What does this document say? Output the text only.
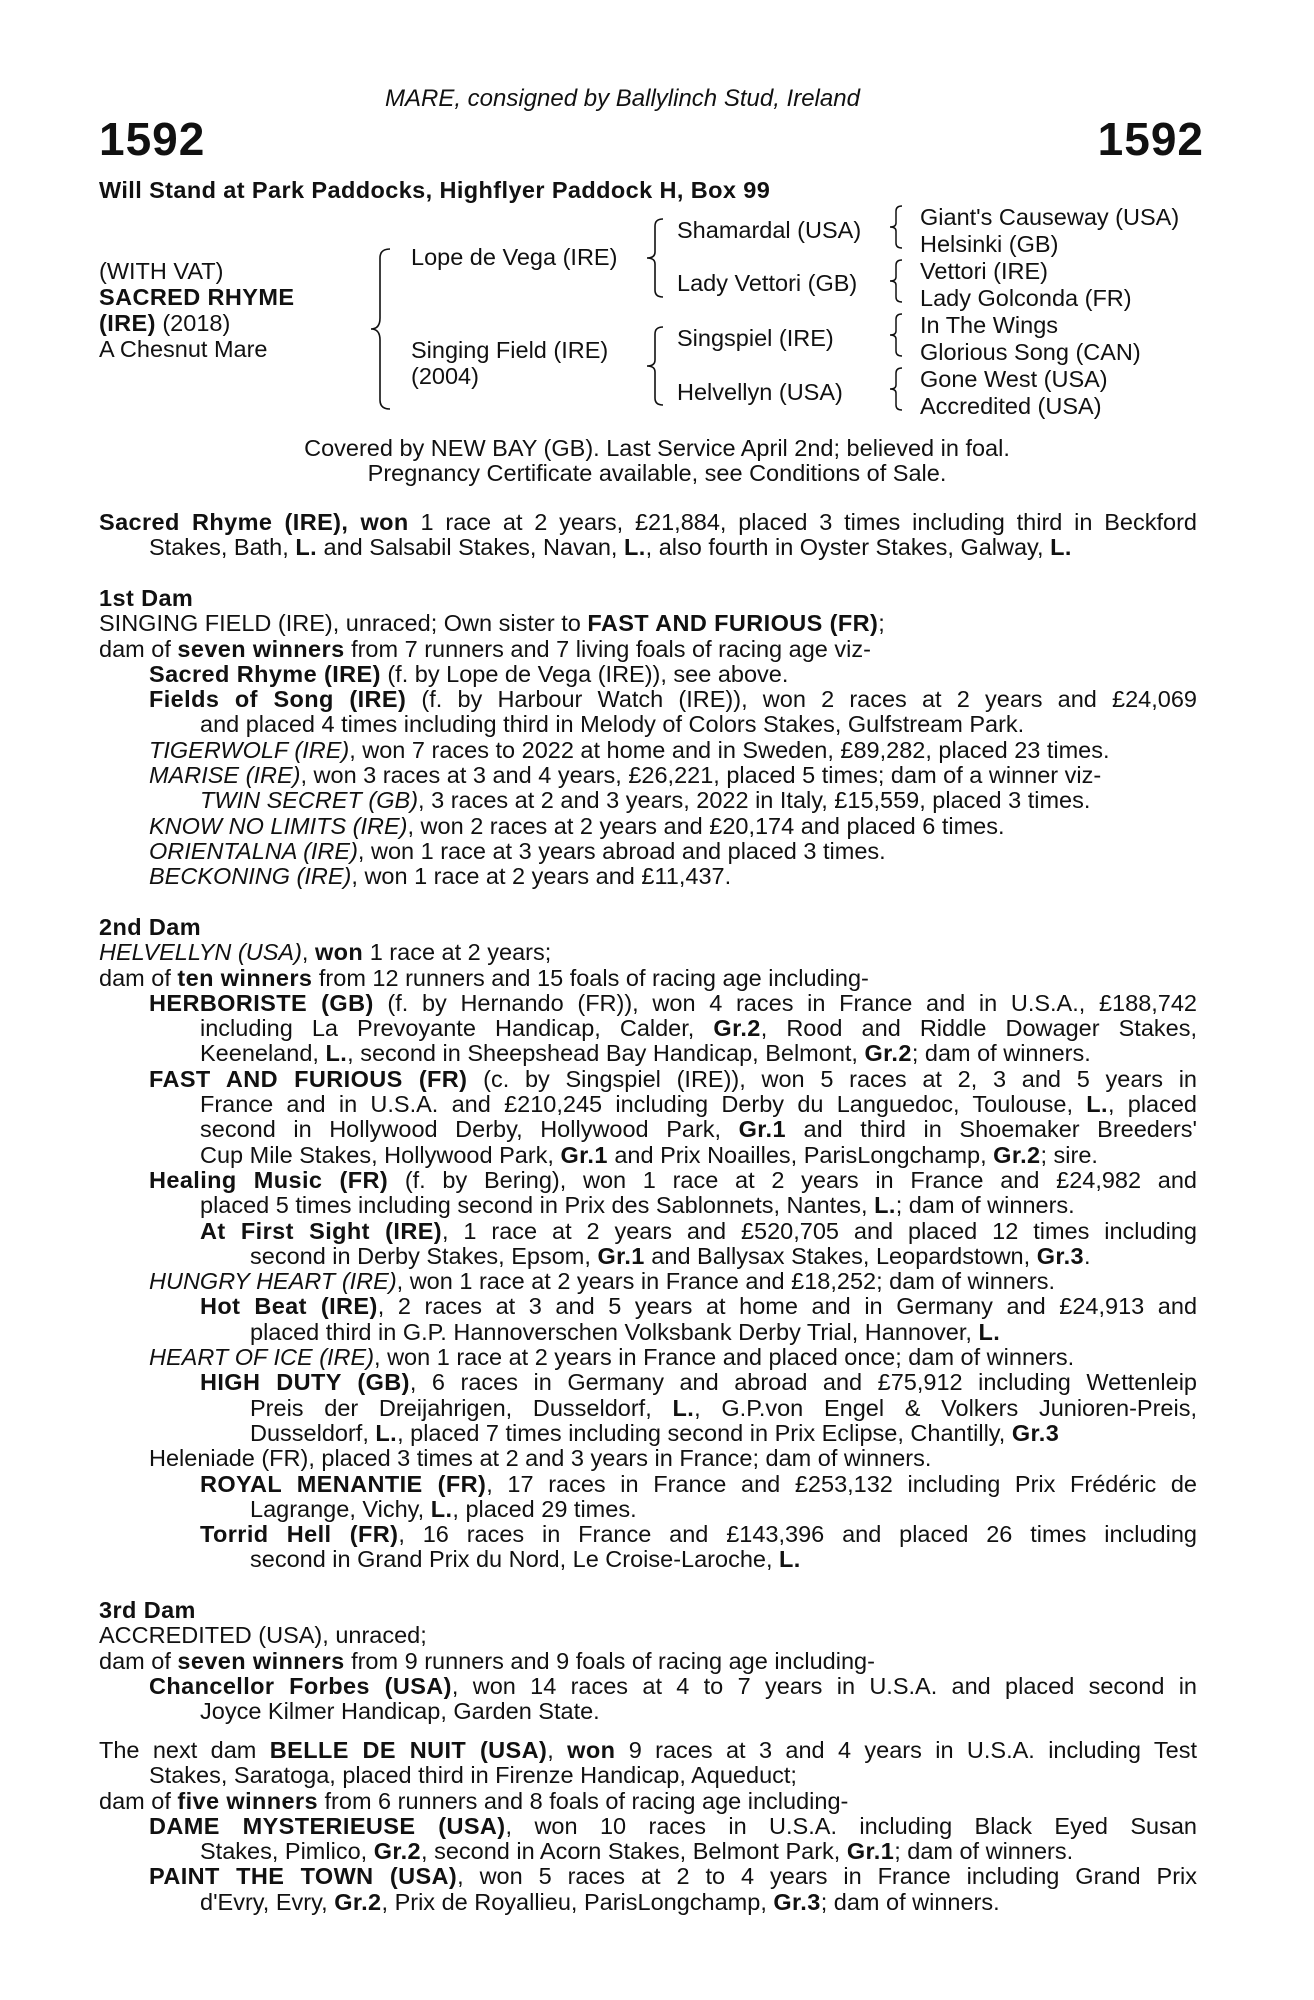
MARE, consigned by Ballylinch Stud, Ireland
1592	1592
Will Stand at Park Paddocks, Highflyer Paddock H, Box 99
(WITH VAT)
SACRED RHYME
(IRE) (2018)
A Chesnut Mare
Lope de Vega (IRE)
Singing Field (IRE)
(2004)
Shamardal (USA)
Lady Vettori (GB)
Singspiel (IRE)
Helvellyn (USA)
Giant's Causeway (USA)
Helsinki (GB)
Vettori (IRE)
Lady Golconda (FR)
In The Wings
Glorious Song (CAN)
Gone West (USA)
Accredited (USA)
Covered by NEW BAY (GB). Last Service April 2nd; believed in foal.
Pregnancy Certificate available, see Conditions of Sale.
Sacred Rhyme (IRE), won 1 race at 2 years, £21,884, placed 3 times including third in Beckford
Stakes, Bath, L. and Salsabil Stakes, Navan, L., also fourth in Oyster Stakes, Galway, L.
1st Dam
SINGING FIELD (IRE), unraced; Own sister to FAST AND FURIOUS (FR);
dam of seven winners from 7 runners and 7 living foals of racing age viz-
Sacred Rhyme (IRE) (f. by Lope de Vega (IRE)), see above.
Fields of Song (IRE) (f. by Harbour Watch (IRE)), won 2 races at 2 years and £24,069
and placed 4 times including third in Melody of Colors Stakes, Gulfstream Park.
TIGERWOLF (IRE), won 7 races to 2022 at home and in Sweden, £89,282, placed 23 times.
MARISE (IRE), won 3 races at 3 and 4 years, £26,221, placed 5 times; dam of a winner viz-
TWIN SECRET (GB), 3 races at 2 and 3 years, 2022 in Italy, £15,559, placed 3 times.
KNOW NO LIMITS (IRE), won 2 races at 2 years and £20,174 and placed 6 times.
ORIENTALNA (IRE), won 1 race at 3 years abroad and placed 3 times.
BECKONING (IRE), won 1 race at 2 years and £11,437.
2nd Dam
HELVELLYN (USA), won 1 race at 2 years;
dam of ten winners from 12 runners and 15 foals of racing age including-
HERBORISTE (GB) (f. by Hernando (FR)), won 4 races in France and in U.S.A., £188,742
including La Prevoyante Handicap, Calder, Gr.2, Rood and Riddle Dowager Stakes,
Keeneland, L., second in Sheepshead Bay Handicap, Belmont, Gr.2; dam of winners.
FAST AND FURIOUS (FR) (c. by Singspiel (IRE)), won 5 races at 2, 3 and 5 years in
France and in U.S.A. and £210,245 including Derby du Languedoc, Toulouse, L., placed
second in Hollywood Derby, Hollywood Park, Gr.1 and third in Shoemaker Breeders'
Cup Mile Stakes, Hollywood Park, Gr.1 and Prix Noailles, ParisLongchamp, Gr.2; sire.
Healing Music (FR) (f. by Bering), won 1 race at 2 years in France and £24,982 and
placed 5 times including second in Prix des Sablonnets, Nantes, L.; dam of winners.
At First Sight (IRE), 1 race at 2 years and £520,705 and placed 12 times including
second in Derby Stakes, Epsom, Gr.1 and Ballysax Stakes, Leopardstown, Gr.3.
HUNGRY HEART (IRE), won 1 race at 2 years in France and £18,252; dam of winners.
Hot Beat (IRE), 2 races at 3 and 5 years at home and in Germany and £24,913 and
placed third in G.P. Hannoverschen Volksbank Derby Trial, Hannover, L.
HEART OF ICE (IRE), won 1 race at 2 years in France and placed once; dam of winners.
HIGH DUTY (GB), 6 races in Germany and abroad and £75,912 including Wettenleip
Preis der Dreijahrigen, Dusseldorf, L., G.P.von Engel & Volkers Junioren-Preis,
Dusseldorf, L., placed 7 times including second in Prix Eclipse, Chantilly, Gr.3
Heleniade (FR), placed 3 times at 2 and 3 years in France; dam of winners.
ROYAL MENANTIE (FR), 17 races in France and £253,132 including Prix Frédéric de
Lagrange, Vichy, L., placed 29 times.
Torrid Hell (FR), 16 races in France and £143,396 and placed 26 times including
second in Grand Prix du Nord, Le Croise-Laroche, L.
3rd Dam
ACCREDITED (USA), unraced;
dam of seven winners from 9 runners and 9 foals of racing age including-
Chancellor Forbes (USA), won 14 races at 4 to 7 years in U.S.A. and placed second in
Joyce Kilmer Handicap, Garden State.
The next dam BELLE DE NUIT (USA), won 9 races at 3 and 4 years in U.S.A. including Test
Stakes, Saratoga, placed third in Firenze Handicap, Aqueduct;
dam of five winners from 6 runners and 8 foals of racing age including-
DAME MYSTERIEUSE (USA), won 10 races in U.S.A. including Black Eyed Susan
Stakes, Pimlico, Gr.2, second in Acorn Stakes, Belmont Park, Gr.1; dam of winners.
PAINT THE TOWN (USA), won 5 races at 2 to 4 years in France including Grand Prix
d'Evry, Evry, Gr.2, Prix de Royallieu, ParisLongchamp, Gr.3; dam of winners.
